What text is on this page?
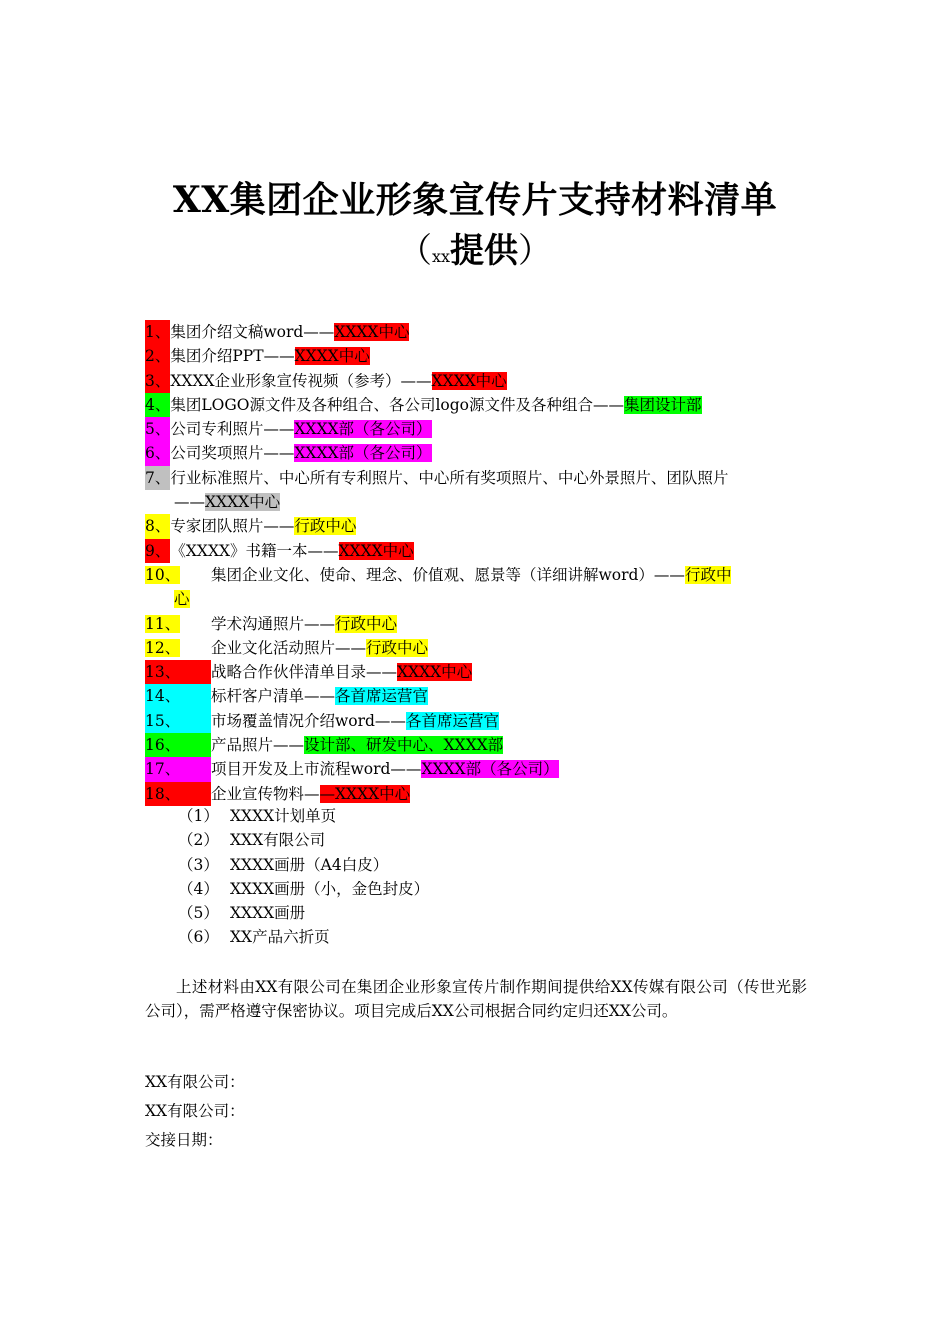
XX集团企业形象宣传片支持材料清单
（xx提供）
1、集团介绍文稿word——XXXX中心
2、集团介绍PPT——XXXX中心
3、XXXX企业形象宣传视频（参考）——XXXX中心
4、集团LOGO源文件及各种组合、各公司logo源文件及各种组合——集团设计部
5、公司专利照片——XXXX部（各公司）
6、公司奖项照片——XXXX部（各公司）
7、行业标准照片、中心所有专利照片、中心所有奖项照片、中心外景照片、团队照片
——XXXX中心
8、专家团队照片——行政中心
9、《XXXX》书籍一本——XXXX中心
10、 集团企业文化、使命、理念、价值观、愿景等（详细讲解word）——行政中
心
11、 学术沟通照片——行政中心
12、 企业文化活动照片——行政中心
13、 战略合作伙伴清单目录——XXXX中心
14、 标杆客户清单——各首席运营官
15、 市场覆盖情况介绍word——各首席运营官
16、 产品照片——设计部、研发中心、XXXX部
17、 项目开发及上市流程word——XXXX部（各公司）
18、 企业宣传物料——XXXX中心
（1） XXXX计划单页
（2） XXX有限公司
（3） XXXX画册（A4白皮）
（4） XXXX画册（小，金色封皮）
（5） XXXX画册
（6） XX产品六折页
上述材料由XX有限公司在集团企业形象宣传片制作期间提供给XX传媒有限公司（传世光影公司），需严格遵守保密协议。项目完成后XX公司根据合同约定归还XX公司。
XX有限公司：
XX有限公司：
交接日期：
